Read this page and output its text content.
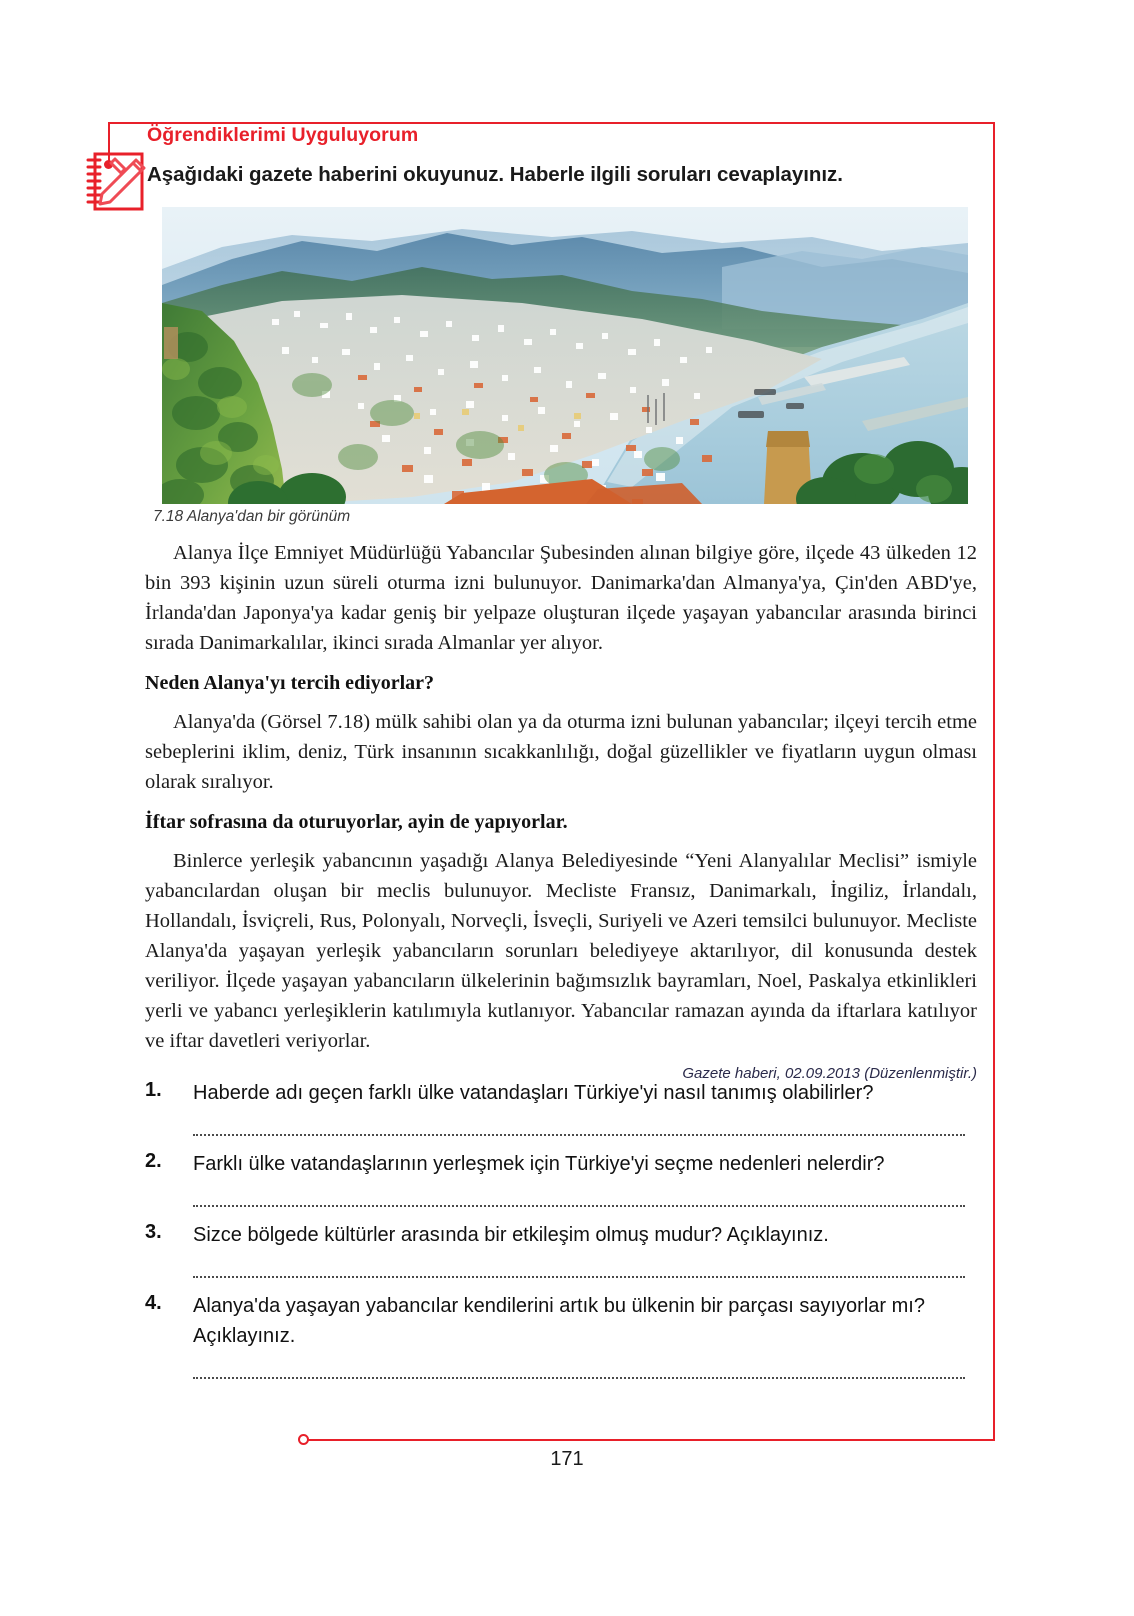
Öğrendiklerimi Uyguluyorum
Aşağıdaki gazete haberini okuyunuz. Haberle ilgili soruları cevaplayınız.
7.18 Alanya'dan bir görünüm

Alanya İlçe Emniyet Müdürlüğü Yabancılar Şubesinden alınan bilgiye göre, ilçede 43 ülkeden 12 bin 393 kişinin uzun süreli oturma izni bulunuyor. Danimarka'dan Almanya'ya, Çin'den ABD'ye, İrlanda'dan Japonya'ya kadar geniş bir yelpaze oluşturan ilçede yaşayan yabancılar arasında birinci sırada Danimarkalılar, ikinci sırada Almanlar yer alıyor.

Neden Alanya'yı tercih ediyorlar?

Alanya'da (Görsel 7.18) mülk sahibi olan ya da oturma izni bulunan yabancılar; ilçeyi tercih etme sebeplerini iklim, deniz, Türk insanının sıcakkanlılığı, doğal güzellikler ve fiyatların uygun olması olarak sıralıyor.

İftar sofrasına da oturuyorlar, ayin de yapıyorlar.

Binlerce yerleşik yabancının yaşadığı Alanya Belediyesinde “Yeni Alanyalılar Meclisi” ismiyle yabancılardan oluşan bir meclis bulunuyor. Mecliste Fransız, Danimarkalı, İngiliz, İrlandalı, Hollandalı, İsviçreli, Rus, Polonyalı, Norveçli, İsveçli, Suriyeli ve Azeri temsilci bulunuyor. Mecliste Alanya'da yaşayan yerleşik yabancıların sorunları belediyeye aktarılıyor, dil konusunda destek veriliyor. İlçede yaşayan yabancıların ülkelerinin bağımsızlık bayramları, Noel, Paskalya etkinlikleri yerli ve yabancı yerleşiklerin katılımıyla kutlanıyor. Yabancılar ramazan ayında da iftarlara katılıyor ve iftar davetleri veriyorlar.

Gazete haberi, 02.09.2013 (Düzenlenmiştir.)

1.	Haberde adı geçen farklı ülke vatandaşları Türkiye'yi nasıl tanımış olabilirler?
2.	Farklı ülke vatandaşlarının yerleşmek için Türkiye'yi seçme nedenleri nelerdir?
3.	Sizce bölgede kültürler arasında bir etkileşim olmuş mudur? Açıklayınız.
4.	Alanya'da yaşayan yabancılar kendilerini artık bu ülkenin bir parçası sayıyorlar mı? Açıklayınız.
171
